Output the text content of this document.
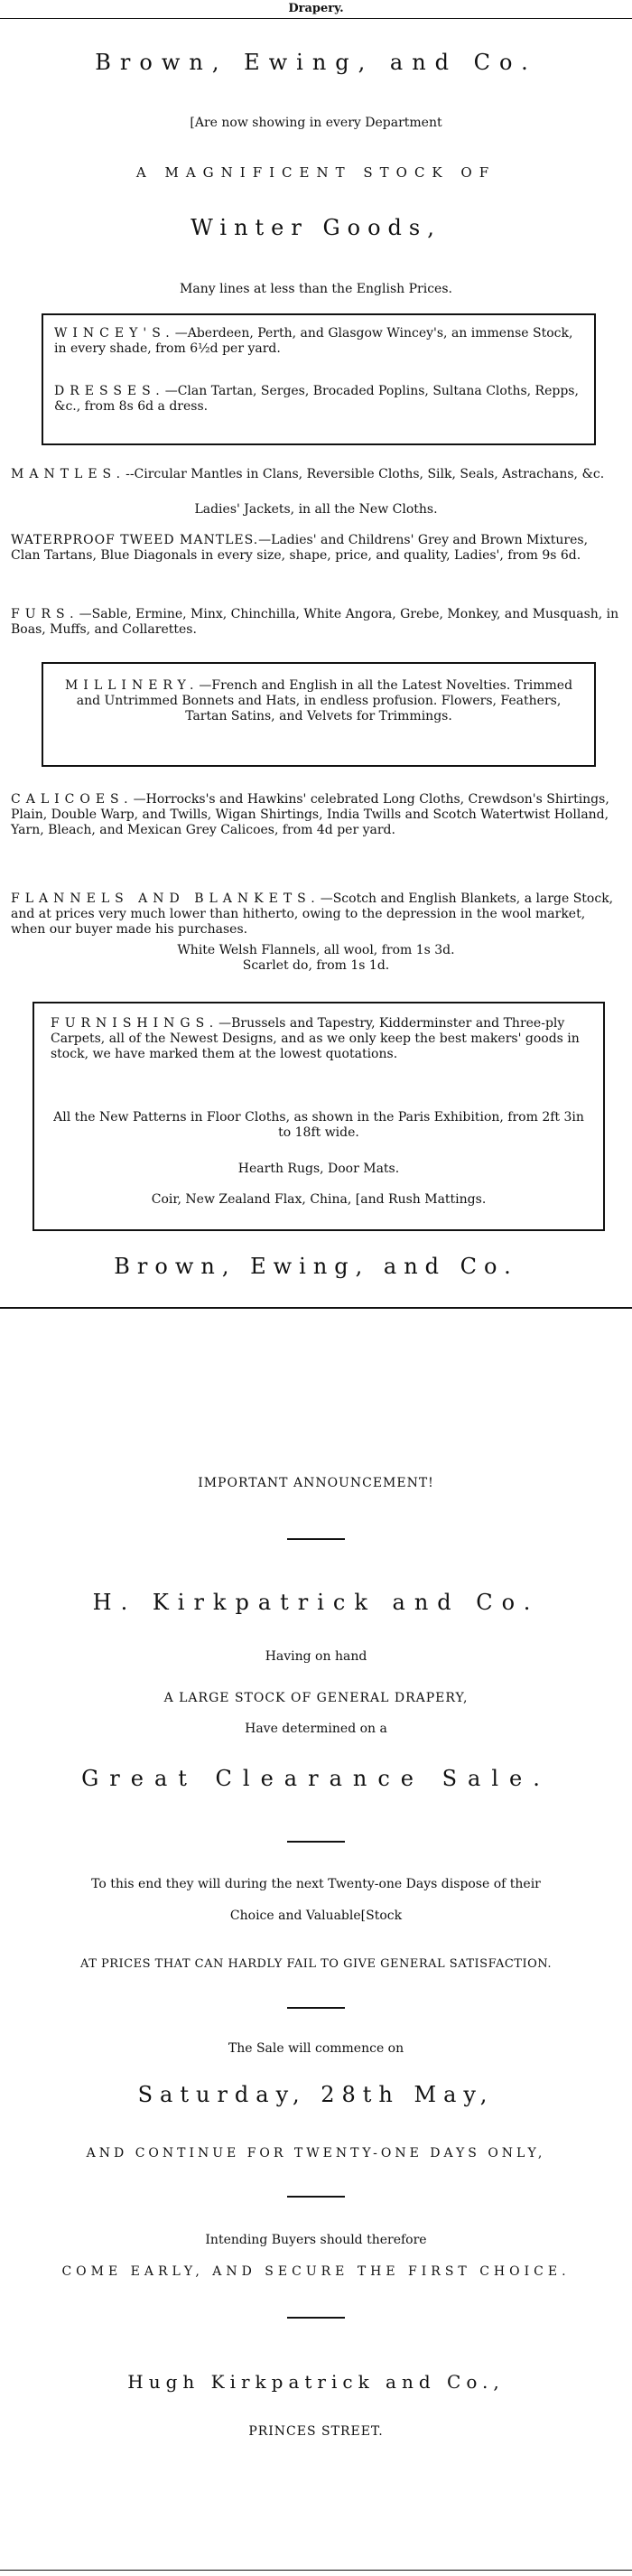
Drapery.
Brown, Ewing, and Co.
[Are now showing in every Department
A MAGNIFICENT STOCK OF
Winter Goods,
Many lines at less than the English Prices.
WINCEY'S.—Aberdeen, Perth, and Glasgow Wincey's, an immense Stock, in every shade, from 6½d per yard.
DRESSES.—Clan Tartan, Serges, Brocaded Poplins, Sultana Cloths, Repps, &c., from 8s 6d a dress.
MANTLES.--Circular Mantles in Clans, Reversible Cloths, Silk, Seals, Astrachans, &c.
Ladies' Jackets, in all the New Cloths.
WATERPROOF TWEED MANTLES.—Ladies' and Childrens' Grey and Brown Mixtures, Clan Tartans, Blue Diagonals in every size, shape, price, and quality, Ladies', from 9s 6d.
FURS.—Sable, Ermine, Minx, Chinchilla, White Angora, Grebe, Monkey, and Musquash, in Boas, Muffs, and Collarettes.
MILLINERY.—French and English in all the Latest Novelties. Trimmed and Untrimmed Bonnets and Hats, in endless profusion. Flowers, Feathers, Tartan Satins, and Velvets for Trimmings.
CALICOES.—Horrocks's and Hawkins' celebrated Long Cloths, Crewdson's Shirtings, Plain, Double Warp, and Twills, Wigan Shirtings, India Twills and Scotch Watertwist Holland, Yarn, Bleach, and Mexican Grey Calicoes, from 4d per yard.
FLANNELS AND BLANKETS.—Scotch and English Blankets, a large Stock, and at prices very much lower than hitherto, owing to the depression in the wool market, when our buyer made his purchases.
White Welsh Flannels, all wool, from 1s 3d.
Scarlet do, from 1s 1d.
FURNISHINGS.—Brussels and Tapestry, Kidderminster and Three-ply Carpets, all of the Newest Designs, and as we only keep the best makers' goods in stock, we have marked them at the lowest quotations.
All the New Patterns in Floor Cloths, as shown in the Paris Exhibition, from 2ft 3in to 18ft wide.
Hearth Rugs, Door Mats.
Coir, New Zealand Flax, China, [and Rush Mattings.
Brown, Ewing, and Co.
IMPORTANT ANNOUNCEMENT!
H. Kirkpatrick and Co.
Having on hand
A LARGE STOCK OF GENERAL DRAPERY,
Have determined on a
Great Clearance Sale.
To this end they will during the next Twenty-one Days dispose of their
Choice and Valuable[Stock
AT PRICES THAT CAN HARDLY FAIL TO GIVE GENERAL SATISFACTION.
The Sale will commence on
Saturday, 28th May,
AND CONTINUE FOR TWENTY-ONE DAYS ONLY,
Intending Buyers should therefore
COME EARLY, AND SECURE THE FIRST CHOICE.
Hugh Kirkpatrick and Co.,
PRINCES STREET.
